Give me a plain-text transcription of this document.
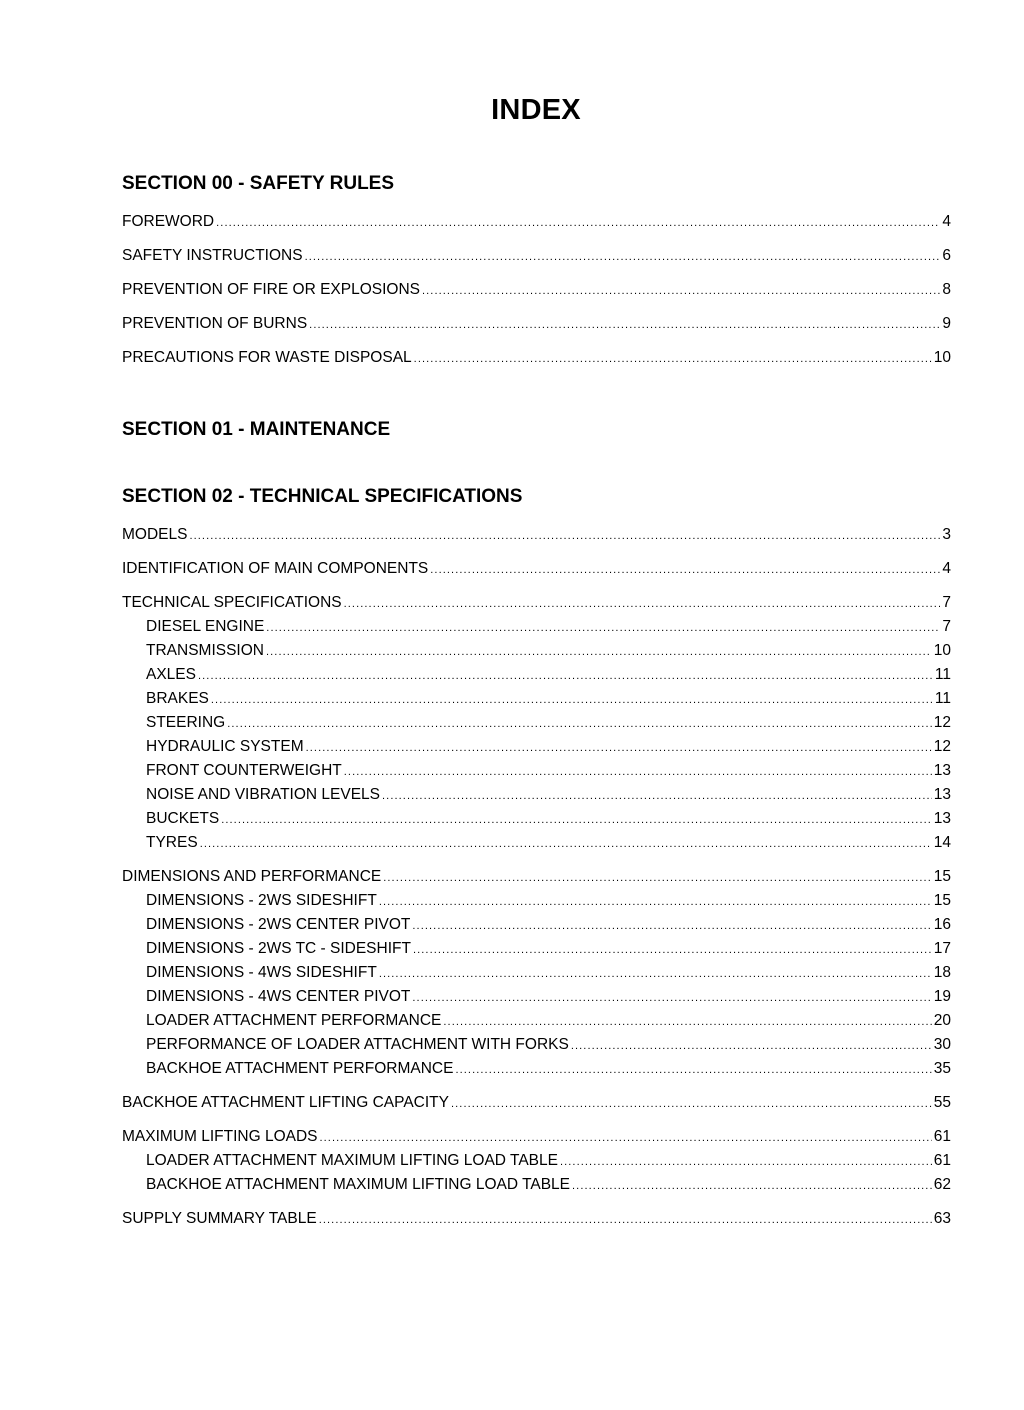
INDEX
SECTION 00 - SAFETY RULES
FOREWORD .....	4
SAFETY INSTRUCTIONS .....	6
PREVENTION OF FIRE OR EXPLOSIONS .....	8
PREVENTION OF BURNS .....	9
PRECAUTIONS FOR WASTE DISPOSAL .....	10
SECTION 01 - MAINTENANCE
SECTION 02 - TECHNICAL SPECIFICATIONS
MODELS .....	3
IDENTIFICATION OF MAIN COMPONENTS .....	4
TECHNICAL SPECIFICATIONS .....	7
DIESEL ENGINE .....	7
TRANSMISSION .....	10
AXLES .....	11
BRAKES .....	11
STEERING .....	12
HYDRAULIC SYSTEM .....	12
FRONT COUNTERWEIGHT .....	13
NOISE AND VIBRATION LEVELS .....	13
BUCKETS .....	13
TYRES .....	14
DIMENSIONS AND PERFORMANCE .....	15
DIMENSIONS - 2WS SIDESHIFT .....	15
DIMENSIONS - 2WS CENTER PIVOT .....	16
DIMENSIONS - 2WS TC - SIDESHIFT .....	17
DIMENSIONS - 4WS SIDESHIFT .....	18
DIMENSIONS - 4WS CENTER PIVOT .....	19
LOADER ATTACHMENT PERFORMANCE .....	20
PERFORMANCE OF LOADER ATTACHMENT WITH FORKS .....	30
BACKHOE ATTACHMENT PERFORMANCE .....	35
BACKHOE ATTACHMENT LIFTING CAPACITY .....	55
MAXIMUM LIFTING LOADS .....	61
LOADER ATTACHMENT MAXIMUM LIFTING LOAD TABLE .....	61
BACKHOE ATTACHMENT MAXIMUM LIFTING LOAD TABLE .....	62
SUPPLY SUMMARY TABLE .....	63
